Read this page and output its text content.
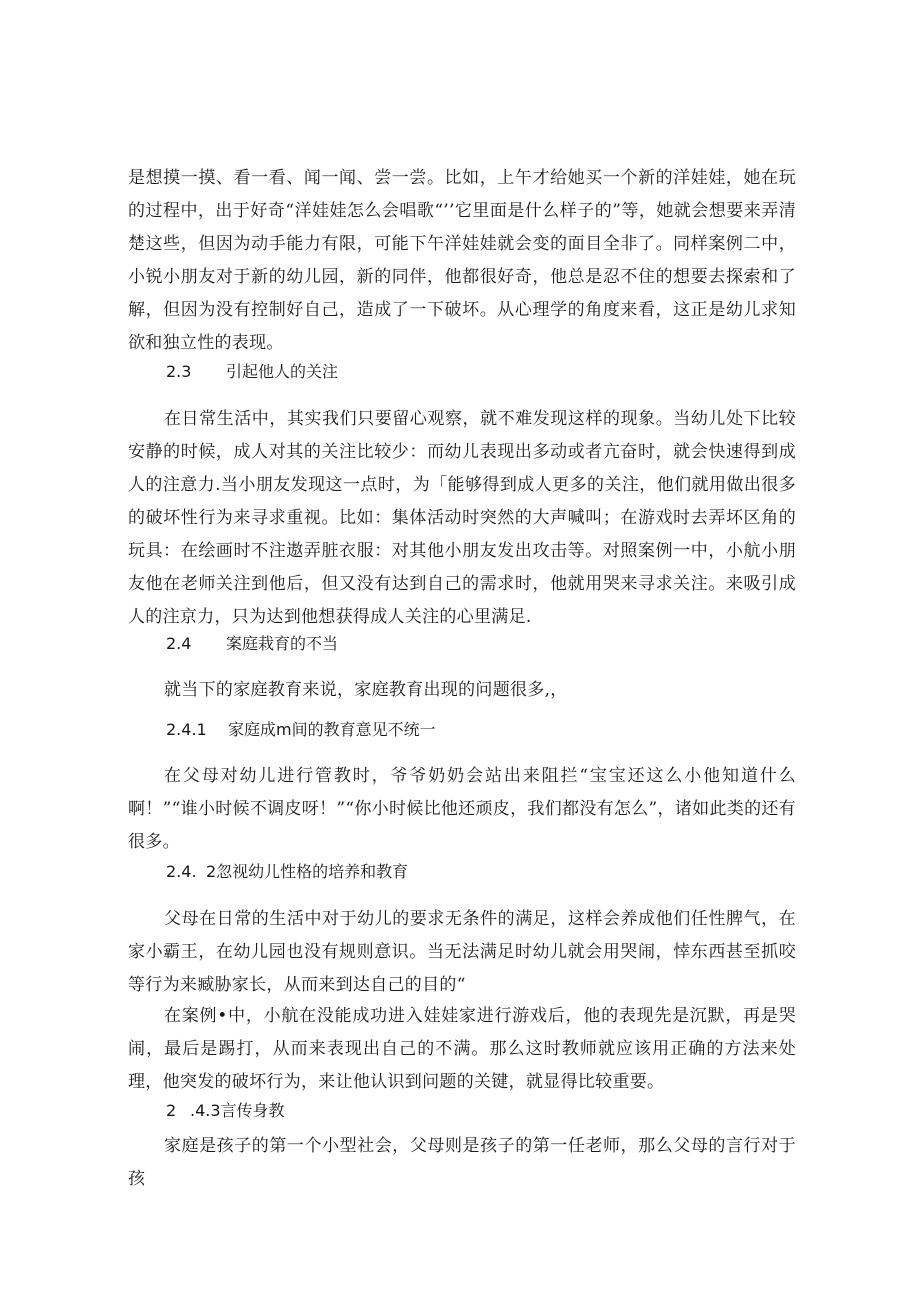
是想摸一摸、看一看、闻一闻、尝一尝。比如，上午才给她买一个新的洋娃娃，她在玩的过程中，出于好奇“洋娃娃怎么会唱歌“’’它里面是什么样子的”等，她就会想要来弄清楚这些，但因为动手能力有限，可能下午洋娃娃就会变的面目全非了。同样案例二中，小锐小朋友对于新的幼儿园，新的同伴，他都很好奇，他总是忍不住的想要去探索和了解，但因为没有控制好自己，造成了一下破坏。从心理学的角度来看，这正是幼儿求知欲和独立性的表现。

2.3 引起他人的关注

在日常生活中，其实我们只要留心观察，就不难发现这样的现象。当幼儿处下比较安静的时候，成人对其的关注比较少：而幼儿表现出多动或者亢奋时，就会快速得到成人的注意力.当小朋友发现这一点时，为「能够得到成人更多的关注，他们就用做出很多的破坏性行为来寻求重视。比如：集体活动时突然的大声喊叫；在游戏时去弄坏区角的玩具：在绘画时不注遨弄脏衣服：对其他小朋友发出攻击等。对照案例一中，小航小朋友他在老师关注到他后，但又没有达到自己的需求时，他就用哭来寻求关注。来吸引成人的注京力，只为达到他想获得成人关注的心里满足.

2.4 案庭栽育的不当

就当下的家庭教育来说，家庭教育出现的问题很多,，

2.4.1 家庭成m间的教育意见不统一

在父母对幼儿进行管教时，爷爷奶奶会站出来阻拦“宝宝还这么小他知道什么啊！”“谁小时候不调皮呀！”“你小时候比他还顽皮，我们都没有怎么”，诸如此类的还有很多。

2.4. 2忽视幼儿性格的培养和教育

父母在日常的生活中对于幼儿的要求无条件的满足，这样会养成他们任性脾气，在家小霸王，在幼儿园也没有规则意识。当无法满足时幼儿就会用哭闹，悻东西甚至抓咬等行为来臧胁家长，从而来到达自己的目的“

在案例•中，小航在没能成功进入娃娃家进行游戏后，他的表现先是沉默，再是哭闹，最后是踢打，从而来表现出自己的不满。那么这时教师就应该用正确的方法来处理，他突发的破坏行为，来让他认识到问题的关键，就显得比较重要。

2 .4.3言传身教

家庭是孩子的第一个小型社会，父母则是孩子的第一任老师，那么父母的言行对于孩
